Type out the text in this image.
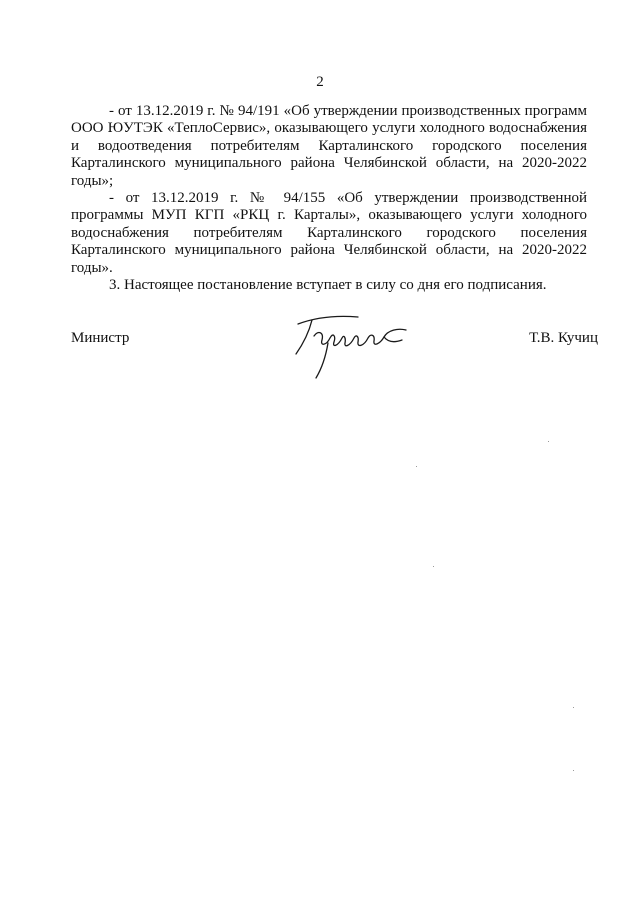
2

- от 13.12.2019 г. № 94/191 «Об утверждении производственных программ ООО ЮУТЭК «ТеплоСервис», оказывающего услуги холодного водоснабжения и водоотведения потребителям Карталинского городского поселения Карталинского муниципального района Челябинской области, на 2020-2022 годы»;

- от 13.12.2019 г. № 94/155 «Об утверждении производственной программы МУП КГП «РКЦ г. Карталы», оказывающего услуги холодного водоснабжения потребителям Карталинского городского поселения Карталинского муниципального района Челябинской области, на 2020-2022 годы».

3. Настоящее постановление вступает в силу со дня его подписания.

Министр	Т.В. Кучиц
